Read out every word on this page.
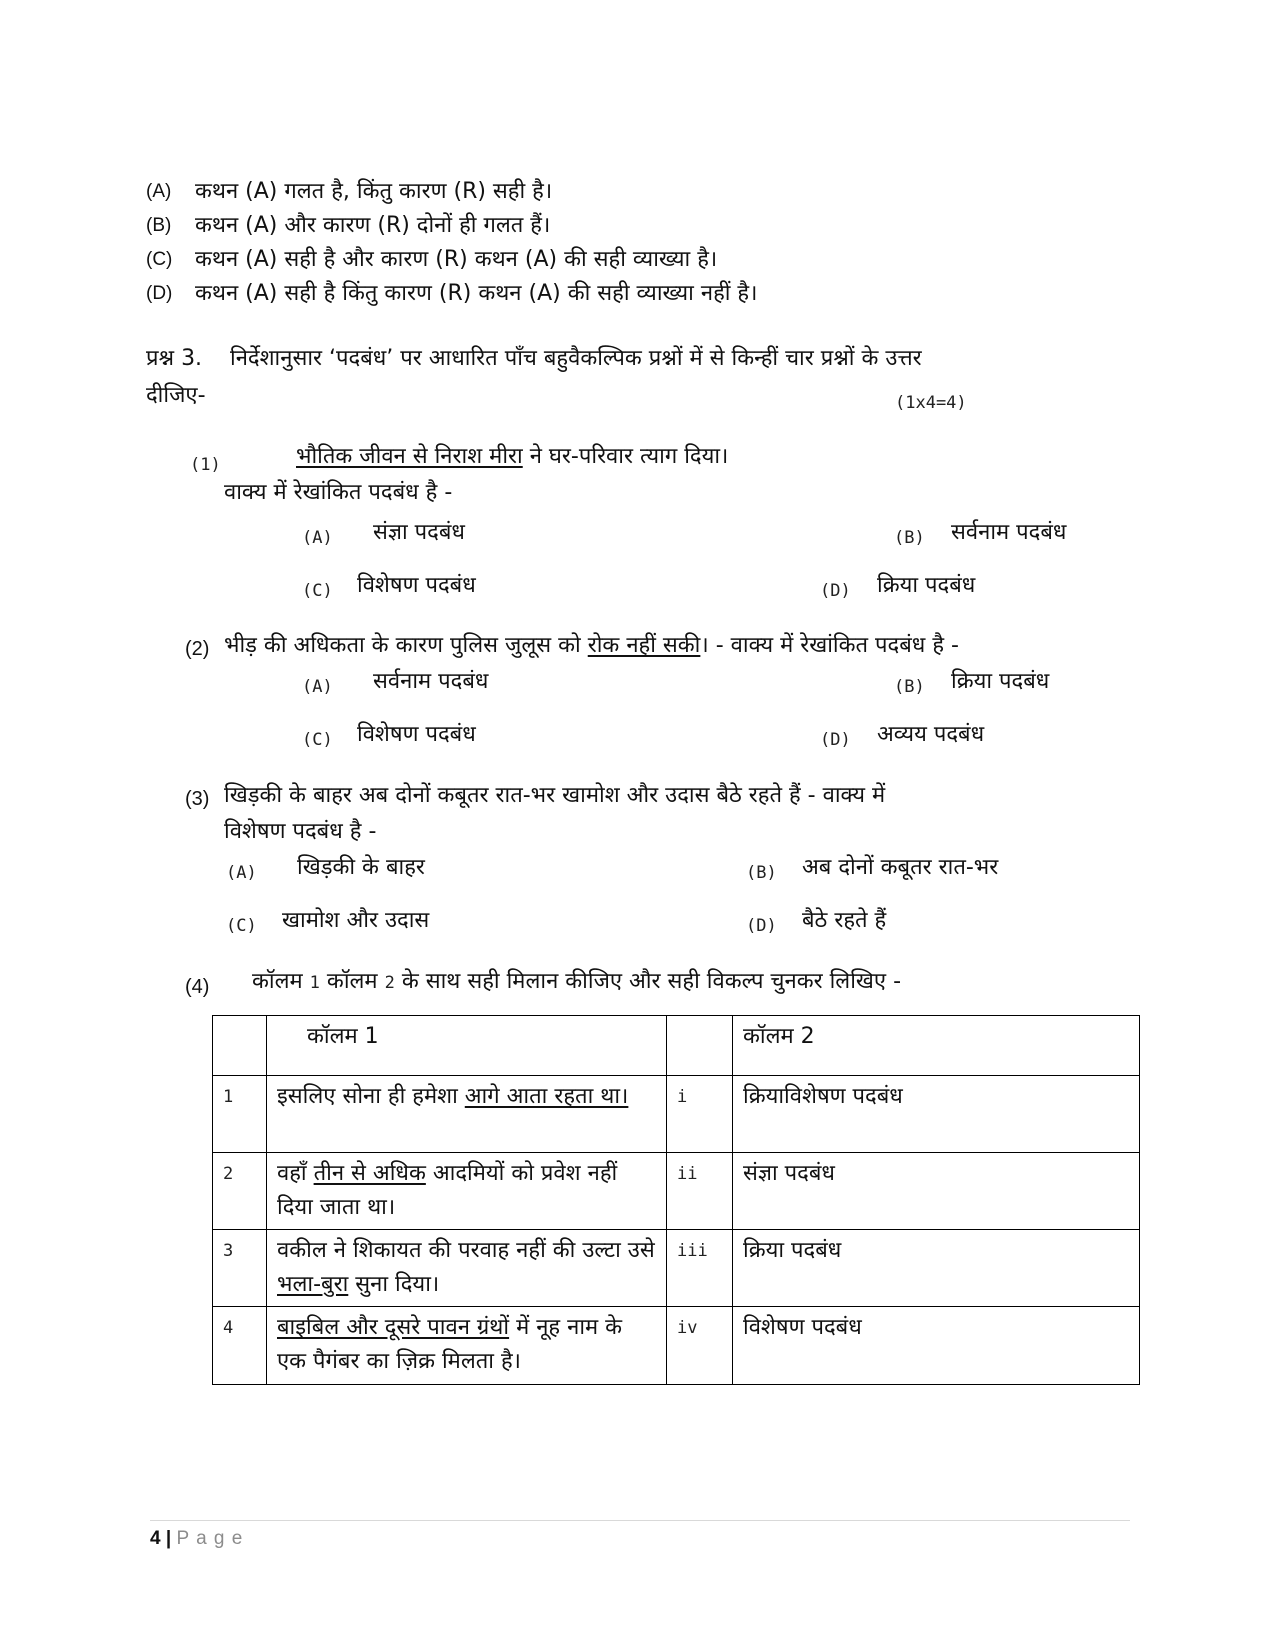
(A) कथन (A) गलत है, किंतु कारण (R) सही है।
(B) कथन (A) और कारण (R) दोनों ही गलत हैं।
(C) कथन (A) सही है और कारण (R) कथन (A) की सही व्याख्या है।
(D) कथन (A) सही है किंतु कारण (R) कथन (A) की सही व्याख्या नहीं है।
प्रश्न 3. निर्देशानुसार ‘पदबंध’ पर आधारित पाँच बहुवैकल्पिक प्रश्नों में से किन्हीं चार प्रश्नों के उत्तर
दीजिए-	(1x4=4)
(1)	भौतिक जीवन से निराश मीरा ने घर-परिवार त्याग दिया।
वाक्य में रेखांकित पदबंध है -
(A) संज्ञा पदबंध	(B) सर्वनाम पदबंध
(C) विशेषण पदबंध	(D) क्रिया पदबंध
(2) भीड़ की अधिकता के कारण पुलिस जुलूस को रोक नहीं सकी। - वाक्य में रेखांकित पदबंध है -
(A) सर्वनाम पदबंध	(B) क्रिया पदबंध
(C) विशेषण पदबंध	(D) अव्यय पदबंध
(3) खिड़की के बाहर अब दोनों कबूतर रात-भर खामोश और उदास बैठे रहते हैं - वाक्य में
विशेषण पदबंध है -
(A) खिड़की के बाहर	(B) अब दोनों कबूतर रात-भर
(C) खामोश और उदास	(D) बैठे रहते हैं
(4) कॉलम 1 कॉलम 2 के साथ सही मिलान कीजिए और सही विकल्प चुनकर लिखिए -
	कॉलम 1		कॉलम 2
1	इसलिए सोना ही हमेशा आगे आता रहता था।	i	क्रियाविशेषण पदबंध
2	वहाँ तीन से अधिक आदमियों को प्रवेश नहीं दिया जाता था।	ii	संज्ञा पदबंध
3	वकील ने शिकायत की परवाह नहीं की उल्टा उसे भला-बुरा सुना दिया।	iii	क्रिया पदबंध
4	बाइबिल और दूसरे पावन ग्रंथों में नूह नाम के एक पैगंबर का ज़िक्र मिलता है।	iv	विशेषण पदबंध
4 | P a g e
